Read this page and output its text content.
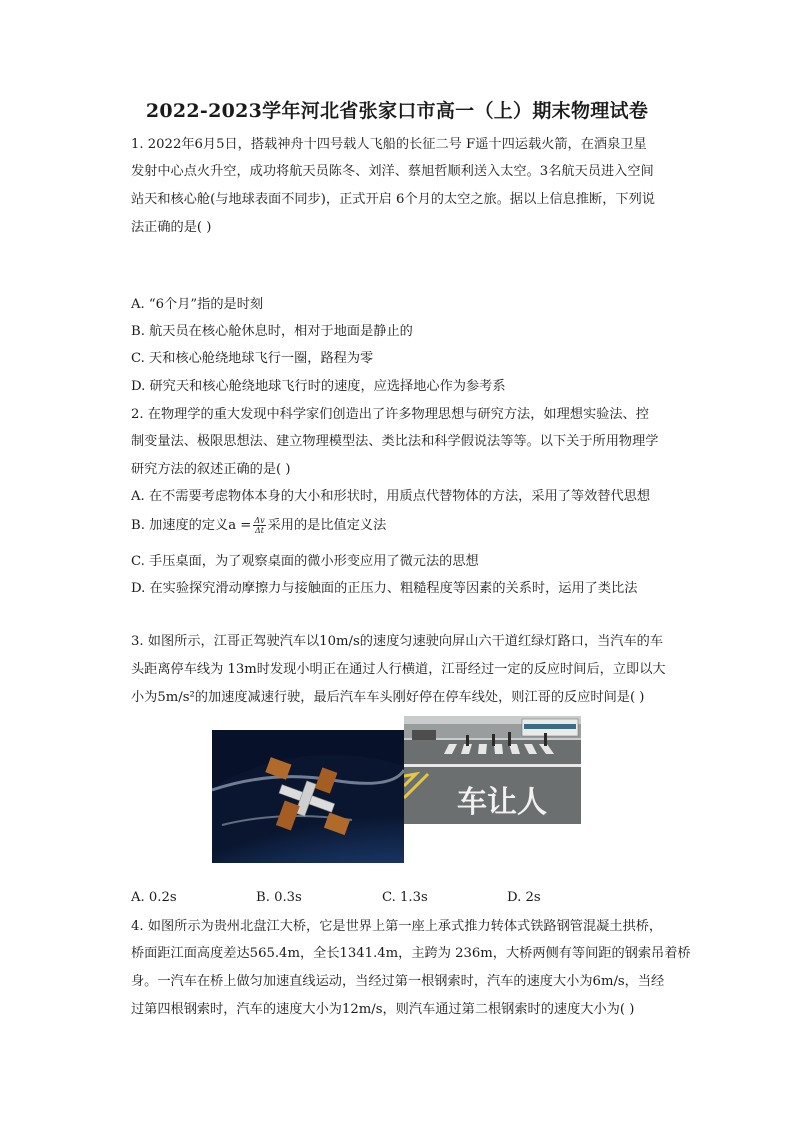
2022-2023学年河北省张家口市高一（上）期末物理试卷
1. 2022年6月5日，搭载神舟十四号载人飞船的长征二号 F遥十四运载火箭，在酒泉卫星
发射中心点火升空，成功将航天员陈冬、刘洋、蔡旭哲顺利送入太空。3名航天员进入空间
站天和核心舱(与地球表面不同步)，正式开启 6个月的太空之旅。据以上信息推断，下列说
法正确的是( )
A. “6个月”指的是时刻
B. 航天员在核心舱休息时，相对于地面是静止的
C. 天和核心舱绕地球飞行一圈，路程为零
D. 研究天和核心舱绕地球飞行时的速度，应选择地心作为参考系
2. 在物理学的重大发现中科学家们创造出了许多物理思想与研究方法，如理想实验法、控
制变量法、极限思想法、建立物理模型法、类比法和科学假说法等等。以下关于所用物理学
研究方法的叙述正确的是( )
A. 在不需要考虑物体本身的大小和形状时，用质点代替物体的方法，采用了等效替代思想
B. 加速度的定义$a = \frac{\Delta v}{\Delta t}$ 采用的是比值定义法
C. 手压桌面，为了观察桌面的微小形变应用了微元法的思想
D. 在实验探究滑动摩擦力与接触面的正压力、粗糙程度等因素的关系时，运用了类比法
3. 如图所示，江哥正驾驶汽车以10m/s的速度匀速驶向屏山六干道红绿灯路口，当汽车的车
头距离停车线为 13m时发现小明正在通过人行横道，江哥经过一定的反应时间后，立即以大
小为5m/s²的加速度减速行驶，最后汽车车头刚好停在停车线处，则江哥的反应时间是( )
车让人
A. 0.2s	B. 0.3s	C. 1.3s	D. 2s
4. 如图所示为贵州北盘江大桥，它是世界上第一座上承式推力转体式铁路钢管混凝土拱桥，
桥面距江面高度差达565.4m，全长1341.4m，主跨为 236m，大桥两侧有等间距的钢索吊着桥
身。一汽车在桥上做匀加速直线运动，当经过第一根钢索时，汽车的速度大小为6m/s，当经
过第四根钢索时，汽车的速度大小为12m/s，则汽车通过第二根钢索时的速度大小为( )
